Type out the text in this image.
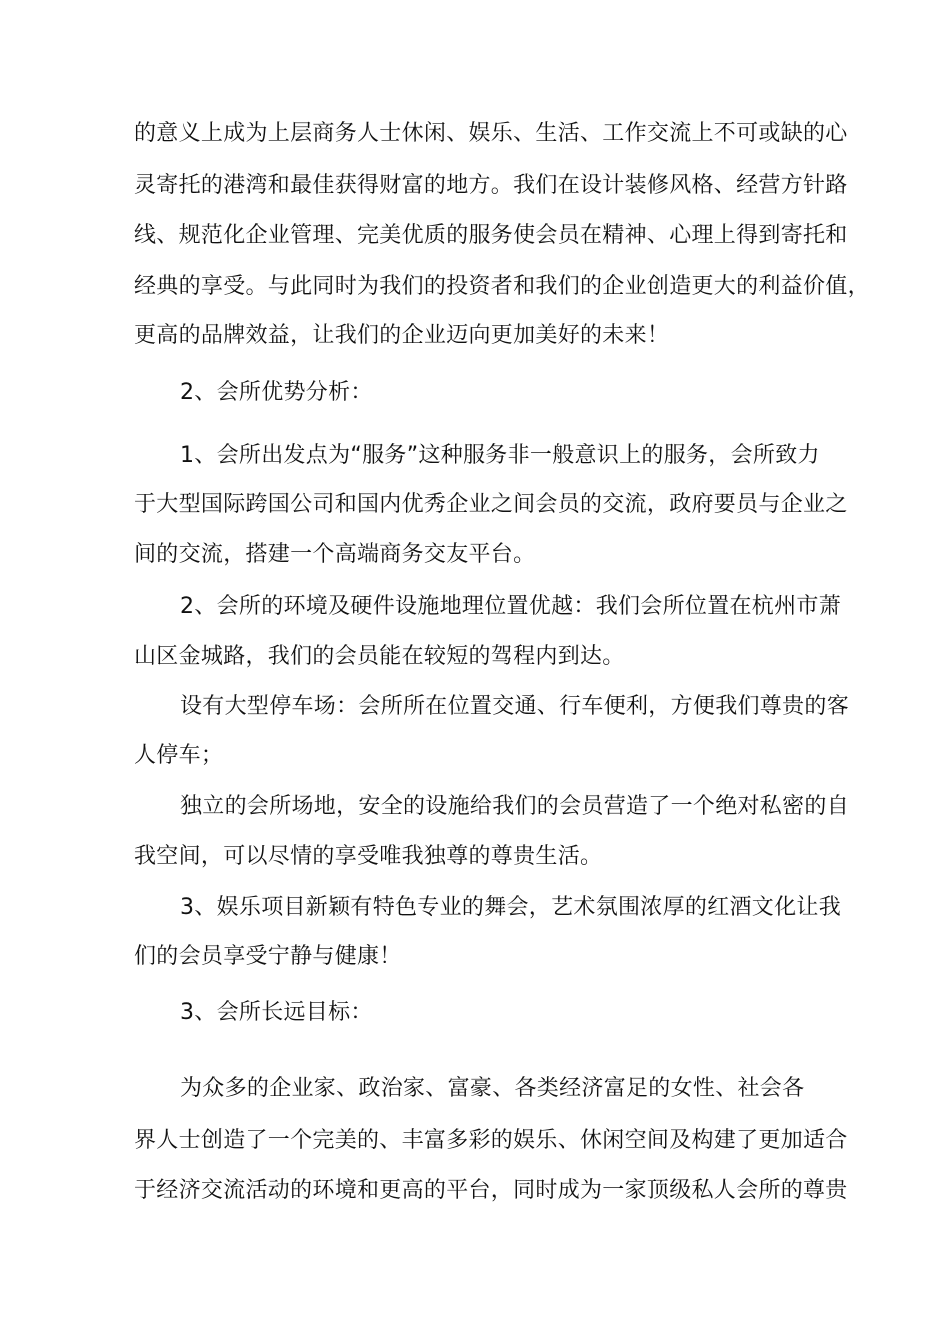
的意义上成为上层商务人士休闲、娱乐、生活、工作交流上不可或缺的心
灵寄托的港湾和最佳获得财富的地方。我们在设计装修风格、经营方针路
线、规范化企业管理、完美优质的服务使会员在精神、心理上得到寄托和
经典的享受。与此同时为我们的投资者和我们的企业创造更大的利益价值，
更高的品牌效益，让我们的企业迈向更加美好的未来！
2、会所优势分析：
1、会所出发点为“服务”这种服务非一般意识上的服务，会所致力
于大型国际跨国公司和国内优秀企业之间会员的交流，政府要员与企业之
间的交流，搭建一个高端商务交友平台。
2、会所的环境及硬件设施地理位置优越：我们会所位置在杭州市萧
山区金城路，我们的会员能在较短的驾程内到达。
设有大型停车场：会所所在位置交通、行车便利，方便我们尊贵的客
人停车；
独立的会所场地，安全的设施给我们的会员营造了一个绝对私密的自
我空间，可以尽情的享受唯我独尊的尊贵生活。
3、娱乐项目新颖有特色专业的舞会，艺术氛围浓厚的红酒文化让我
们的会员享受宁静与健康！
3、会所长远目标：
为众多的企业家、政治家、富豪、各类经济富足的女性、社会各
界人士创造了一个完美的、丰富多彩的娱乐、休闲空间及构建了更加适合
于经济交流活动的环境和更高的平台，同时成为一家顶级私人会所的尊贵
